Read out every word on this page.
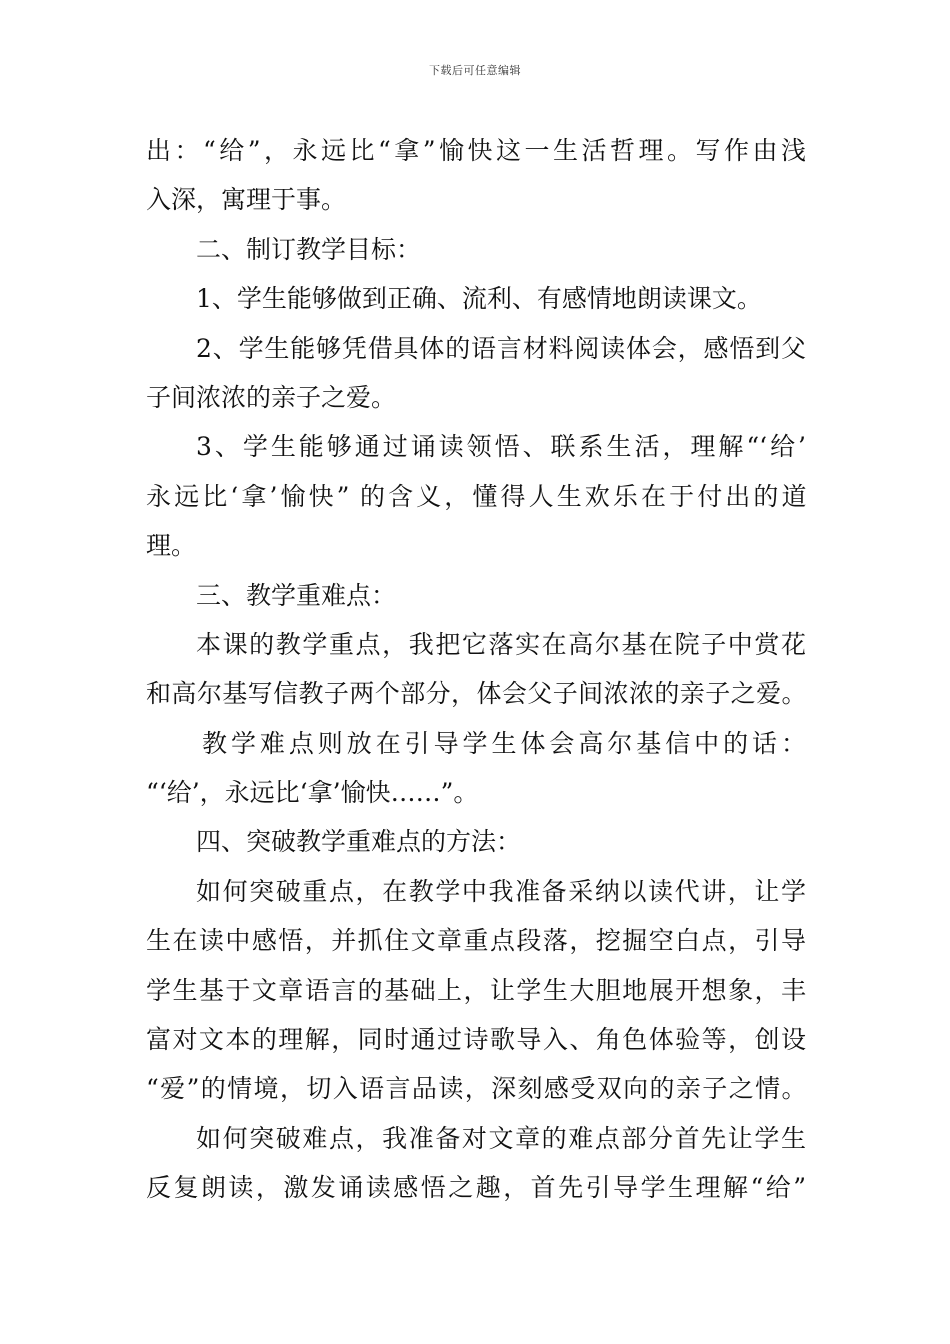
下载后可任意编辑
出：“给”，永远比“拿”愉快这一生活哲理。写作由浅
入深，寓理于事。
二、制订教学目标：
1、学生能够做到正确、流利、有感情地朗读课文。
2、学生能够凭借具体的语言材料阅读体会，感悟到父
子间浓浓的亲子之爱。
3、学生能够通过诵读领悟、联系生活，理解“‘给’
永远比‘拿’愉快” 的含义，懂得人生欢乐在于付出的道
理。
三、教学重难点：
本课的教学重点，我把它落实在高尔基在院子中赏花
和高尔基写信教子两个部分，体会父子间浓浓的亲子之爱。
教学难点则放在引导学生体会高尔基信中的话：
“‘给’，永远比‘拿’愉快……”。
四、突破教学重难点的方法：
如何突破重点，在教学中我准备采纳以读代讲，让学
生在读中感悟，并抓住文章重点段落，挖掘空白点，引导
学生基于文章语言的基础上，让学生大胆地展开想象，丰
富对文本的理解，同时通过诗歌导入、角色体验等，创设
“爱”的情境，切入语言品读，深刻感受双向的亲子之情。
如何突破难点，我准备对文章的难点部分首先让学生
反复朗读，激发诵读感悟之趣，首先引导学生理解“给”
